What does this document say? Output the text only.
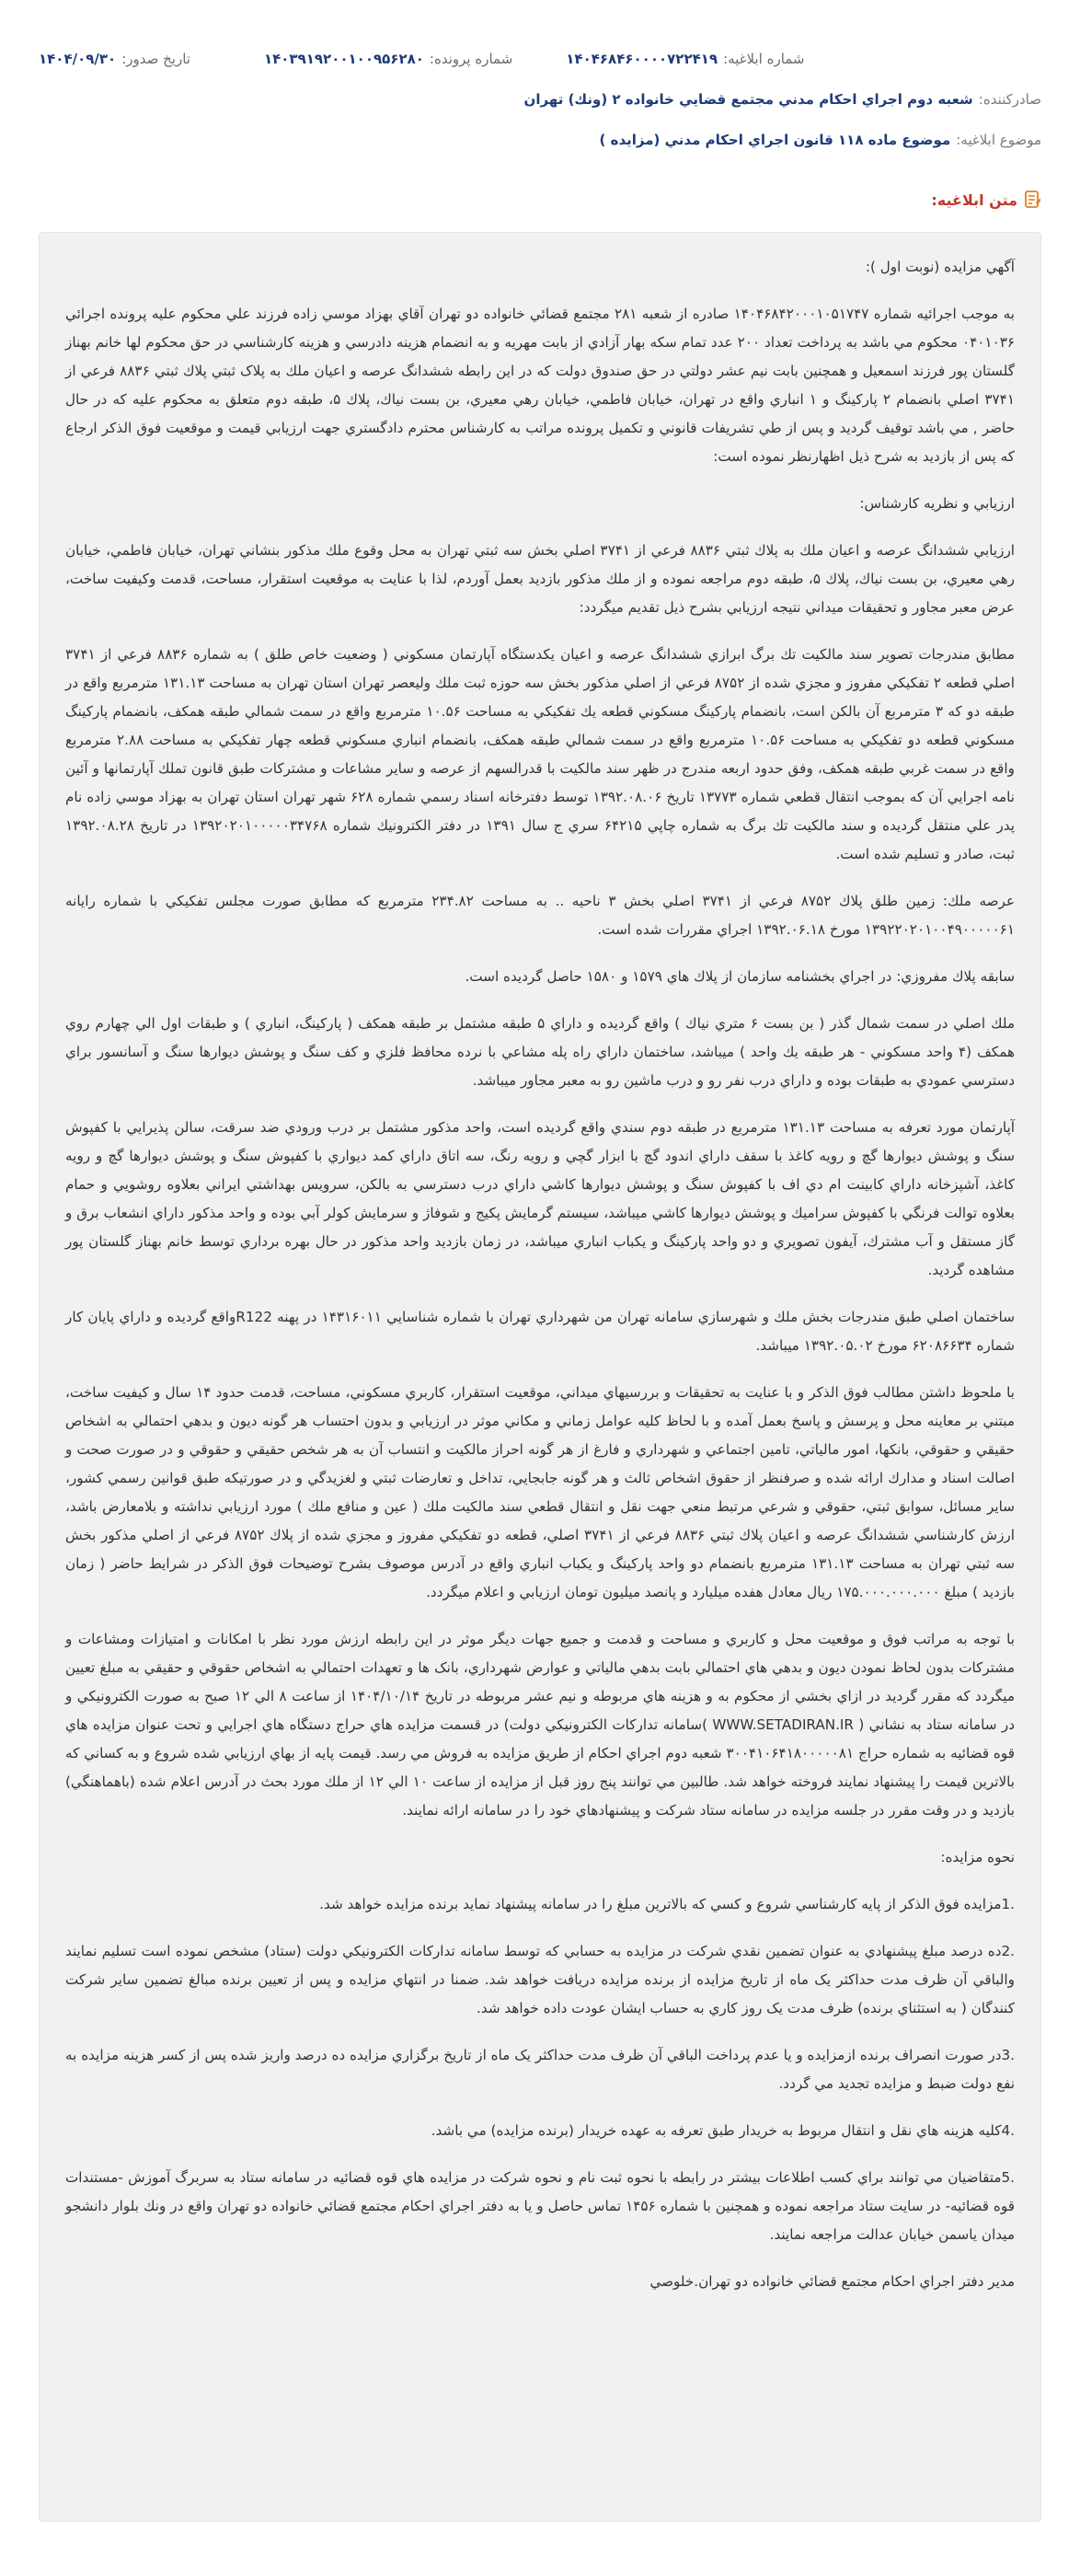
شماره ابلاغيه:
۱۴۰۴۶۸۴۶۰۰۰۰۷۲۲۴۱۹
شماره پرونده:
۱۴۰۳۹۱۹۲۰۰۱۰۰۹۵۶۲۸۰
تاريخ صدور:
۱۴۰۴/۰۹/۳۰
صادركننده:
شعبه دوم اجراي احكام مدني مجتمع قضايي خانواده ۲ (ونك) تهران
موضوع ابلاغيه:
موضوع ماده ۱۱۸ قانون اجراي احكام مدني (مزايده )
متن ابلاغيه:

آگهي مزايده (نوبت اول ):

به موجب اجرائيه شماره ۱۴۰۴۶۸۴۲۰۰۰۱۰۵۱۷۴۷ صادره از شعبه ۲۸۱ مجتمع قضائي خانواده دو تهران آقاي بهزاد موسي زاده فرزند علي محكوم عليه پرونده اجرائي ۰۴۰۱۰۳۶ محكوم مي باشد به پرداخت تعداد ۲۰۰ عدد تمام سكه بهار آزادي از بابت مهريه و به انضمام هزينه دادرسي و هزينه كارشناسي در حق محكوم لها خانم بهناز گلستان پور فرزند اسمعيل و همچنين بابت نيم عشر دولتي در حق صندوق دولت كه در اين رابطه ششدانگ عرصه و اعيان ملك به پلاک ثبتي پلاك ثبتي ۸۸۳۶ فرعي از ۳۷۴۱ اصلي بانضمام ۲ پاركينگ و ۱ انباري واقع در تهران، خيابان فاطمي، خيابان رهي معيري، بن بست نياك، پلاك ۵، طبقه دوم متعلق به محكوم عليه كه در حال حاضر , مي باشد توقيف گرديد و پس از طي تشريفات قانوني و تكميل پرونده مراتب به كارشناس محترم دادگستري جهت ارزيابي قيمت و موقعيت فوق الذكر ارجاع كه پس از بازديد به شرح ذيل اظهارنظر نموده است:

ارزيابي و نظريه كارشناس:

ارزيابي ششدانگ عرصه و اعيان ملك به پلاك ثبتي ۸۸۳۶ فرعي از ۳۷۴۱ اصلي بخش سه ثبتي تهران به محل وقوع ملك مذكور بنشاني تهران، خيابان فاطمي، خيابان رهي معيري، بن بست نياك، پلاك ۵، طبقه دوم مراجعه نموده و از ملك مذكور بازديد بعمل آوردم، لذا با عنايت به موقعيت استقرار، مساحت، قدمت وكيفيت ساخت، عرض معبر مجاور و تحقيقات ميداني نتيجه ارزيابي بشرح ذيل تقديم ميگردد:

مطابق مندرجات تصوير سند مالكيت تك برگ ابرازي ششدانگ عرصه و اعيان يكدستگاه آپارتمان مسكوني ( وضعيت خاص طلق ) به شماره ۸۸۳۶ فرعي از ۳۷۴۱ اصلي قطعه ۲ تفكيكي مفروز و مجزي شده از ۸۷۵۲ فرعي از اصلي مذكور بخش سه حوزه ثبت ملك وليعصر تهران استان تهران به مساحت ۱۳۱.۱۳ مترمربع واقع در طبقه دو كه ۳ مترمربع آن بالكن است، بانضمام پاركينگ مسكوني قطعه يك تفكيكي به مساحت ۱۰.۵۶ مترمربع واقع در سمت شمالي طبقه همكف، بانضمام پاركينگ مسكوني قطعه دو تفكيكي به مساحت ۱۰.۵۶ مترمربع واقع در سمت شمالي طبقه همكف، بانضمام انباري مسكوني قطعه چهار تفكيكي به مساحت ۲.۸۸ مترمربع واقع در سمت غربي طبقه همكف، وفق حدود اربعه مندرج در ظهر سند مالكيت با قدرالسهم از عرصه و ساير مشاعات و مشتركات طبق قانون تملك آپارتمانها و آئين نامه اجرايي آن كه بموجب انتقال قطعي شماره ۱۳۷۷۳ تاريخ ۱۳۹۲.۰۸.۰۶ توسط دفترخانه اسناد رسمي شماره ۶۲۸ شهر تهران استان تهران به بهزاد موسي زاده نام پدر علي منتقل گرديده و سند مالكيت تك برگ به شماره چاپي ۶۴۲۱۵ سري ج سال ۱۳۹۱ در دفتر الكترونيك شماره ۱۳۹۲۰۲۰۱۰۰۰۰۰۳۴۷۶۸ در تاريخ ۱۳۹۲.۰۸.۲۸ ثبت، صادر و تسليم شده است.

عرصه ملك: زمين طلق پلاك ۸۷۵۲ فرعي از ۳۷۴۱ اصلي بخش ۳ ناحيه .. به مساحت ۲۳۴.۸۲ مترمربع كه مطابق صورت مجلس تفكيكي با شماره رايانه ۱۳۹۲۲۰۲۰۱۰۰۴۹۰۰۰۰۰۶۱ مورخ ۱۳۹۲.۰۶.۱۸ اجراي مقررات شده است.

سابقه پلاك مفروزي: در اجراي بخشنامه سازمان از پلاك هاي ۱۵۷۹ و ۱۵۸۰ حاصل گرديده است.

ملك اصلي در سمت شمال گذر ( بن بست ۶ متري نياك ) واقع گرديده و داراي ۵ طبقه مشتمل بر طبقه همكف ( پاركينگ، انباري ) و طبقات اول الي چهارم روي همكف (۴ واحد مسكوني - هر طبقه يك واحد ) ميباشد، ساختمان داراي راه پله مشاعي با نرده محافظ فلزي و كف سنگ و پوشش ديوارها سنگ و آسانسور براي دسترسي عمودي به طبقات بوده و داراي درب نفر رو و درب ماشين رو به معبر مجاور ميباشد.

آپارتمان مورد تعرفه به مساحت ۱۳۱.۱۳ مترمربع در طبقه دوم سندي واقع گرديده است، واحد مذكور مشتمل بر درب ورودي ضد سرقت، سالن پذيرايي با كفپوش سنگ و پوشش ديوارها گچ و رويه كاغذ با سقف داراي اندود گچ با ابزار گچي و رويه رنگ، سه اتاق داراي كمد ديواري با كفپوش سنگ و پوشش ديوارها گچ و رويه كاغذ، آشپزخانه داراي كابينت ام دي اف با كفپوش سنگ و پوشش ديوارها كاشي داراي درب دسترسي به بالكن، سرويس بهداشتي ايراني بعلاوه روشويي و حمام بعلاوه توالت فرنگي با كفپوش سراميك و پوشش ديوارها كاشي ميباشد، سيستم گرمايش پكيج و شوفاژ و سرمايش كولر آبي بوده و واحد مذكور داراي انشعاب برق و گاز مستقل و آب مشترك، آيفون تصويري و دو واحد پاركينگ و يكباب انباري ميباشد، در زمان بازديد واحد مذكور در حال بهره برداري توسط خانم بهناز گلستان پور مشاهده گرديد.

ساختمان اصلي طبق مندرجات بخش ملك و شهرسازي سامانه تهران من شهرداري تهران با شماره شناسايي ۱۴۳۱۶۰۱۱ در پهنه R122واقع گرديده و داراي پايان كار شماره ۶۲۰۸۶۶۳۴ مورخ ۱۳۹۲.۰۵.۰۲ ميباشد.

با ملحوظ داشتن مطالب فوق الذكر و با عنايت به تحقيقات و بررسيهاي ميداني، موقعيت استقرار، كاربري مسكوني، مساحت، قدمت حدود ۱۴ سال و كيفيت ساخت، مبتني بر معاينه محل و پرسش و پاسخ بعمل آمده و با لحاظ كليه عوامل زماني و مكاني موثر در ارزيابي و بدون احتساب هر گونه ديون و بدهي احتمالي به اشخاص حقيقي و حقوقي، بانكها، امور مالياتي، تامين اجتماعي و شهرداري و فارغ از هر گونه احراز مالكيت و انتساب آن به هر شخص حقيقي و حقوقي و در صورت صحت و اصالت اسناد و مدارك ارائه شده و صرفنظر از حقوق اشخاص ثالث و هر گونه جابجايي، تداخل و تعارضات ثبتي و لغزيدگي و در صورتيكه طبق قوانين رسمي كشور، ساير مسائل، سوابق ثبتي، حقوقي و شرعي مرتبط منعي جهت نقل و انتقال قطعي سند مالكيت ملك ( عين و منافع ملك ) مورد ارزيابي نداشته و بلامعارض باشد، ارزش كارشناسي ششدانگ عرصه و اعيان پلاك ثبتي ۸۸۳۶ فرعي از ۳۷۴۱ اصلي، قطعه دو تفكيكي مفروز و مجزي شده از پلاك ۸۷۵۲ فرعي از اصلي مذكور بخش سه ثبتي تهران به مساحت ۱۳۱.۱۳ مترمربع بانضمام دو واحد پاركينگ و يكباب انباري واقع در آدرس موصوف بشرح توضيحات فوق الذكر در شرايط حاضر ( زمان بازديد ) مبلغ ۱۷۵.۰۰۰.۰۰۰.۰۰۰ ريال معادل هفده ميليارد و پانصد ميليون تومان ارزيابي و اعلام ميگردد.

با توجه به مراتب فوق و موقعيت محل و كاربري و مساحت و قدمت و جميع جهات ديگر موثر در اين رابطه ارزش مورد نظر با امكانات و امتيازات ومشاعات و مشتركات بدون لحاظ نمودن ديون و بدهي هاي احتمالي بابت بدهي مالياتي و عوارض شهرداري، بانک ها و تعهدات احتمالي به اشخاص حقوقي و حقيقي به مبلغ تعيين ميگردد كه مقرر گرديد در ازاي بخشي از محكوم به و هزينه هاي مربوطه و نيم عشر مربوطه در تاريخ ۱۴۰۴/۱۰/۱۴ از ساعت ۸ الي ۱۲ صبح به صورت الكترونيكي و در سامانه ستاد به نشاني ( WWW.SETADIRAN.IR )سامانه تداركات الكترونيكي دولت) در قسمت مزايده هاي حراج دستگاه هاي اجرايي و تحت عنوان مزايده هاي قوه قضائيه به شماره حراج ۳۰۰۴۱۰۶۴۱۸۰۰۰۰۰۸۱ شعبه دوم اجراي احكام از طريق مزايده به فروش مي رسد. قيمت پايه از بهاي ارزيابي شده شروع و به كساني كه بالاترين قيمت را پيشنهاد نمايند فروخته خواهد شد. طالبين مي توانند پنج روز قبل از مزايده از ساعت ۱۰ الي ۱۲ از ملك مورد بحث در آدرس اعلام شده (باهماهنگي) بازديد و در وقت مقرر در جلسه مزايده در سامانه ستاد شركت و پيشنهادهاي خود را در سامانه ارائه نمايند.

نحوه مزايده:

.1مزايده فوق الذكر از پايه كارشناسي شروع و كسي كه بالاترين مبلغ را در سامانه پيشنهاد نمايد برنده مزايده خواهد شد.

.2ده درصد مبلغ پيشنهادي به عنوان تضمين نقدي شركت در مزايده به حسابي كه توسط سامانه تداركات الكترونيكي دولت (ستاد) مشخص نموده است تسليم نمايند والباقي آن ظرف مدت حداكثر يک ماه از تاريخ مزايده از برنده مزايده دريافت خواهد شد. ضمنا در انتهاي مزايده و پس از تعيين برنده مبالغ تضمين ساير شركت كنندگان ( به استثناي برنده) ظرف مدت يک روز كاري به حساب ايشان عودت داده خواهد شد.

.3در صورت انصراف برنده ازمزايده و يا عدم پرداخت الباقي آن ظرف مدت حداكثر يک ماه از تاريخ برگزاري مزايده ده درصد واريز شده پس از كسر هزينه مزايده به نفع دولت ضبط و مزايده تجديد مي گردد.

.4كليه هزينه هاي نقل و انتقال مربوط به خريدار طبق تعرفه به عهده خريدار (برنده مزايده) مي باشد.

.5متقاضيان مي توانند براي كسب اطلاعات بيشتر در رابطه با نحوه ثبت نام و نحوه شركت در مزايده هاي قوه قضائيه در سامانه ستاد به سربرگ آموزش -مستندات قوه قضائيه- در سايت ستاد مراجعه نموده و همچنين با شماره ۱۴۵۶ تماس حاصل و يا به دفتر اجراي احكام مجتمع قضائي خانواده دو تهران واقع در ونك بلوار دانشجو ميدان ياسمن خيابان عدالت مراجعه نمايند.

مدير دفتر اجراي احكام مجتمع قضائي خانواده دو تهران.خلوصي
